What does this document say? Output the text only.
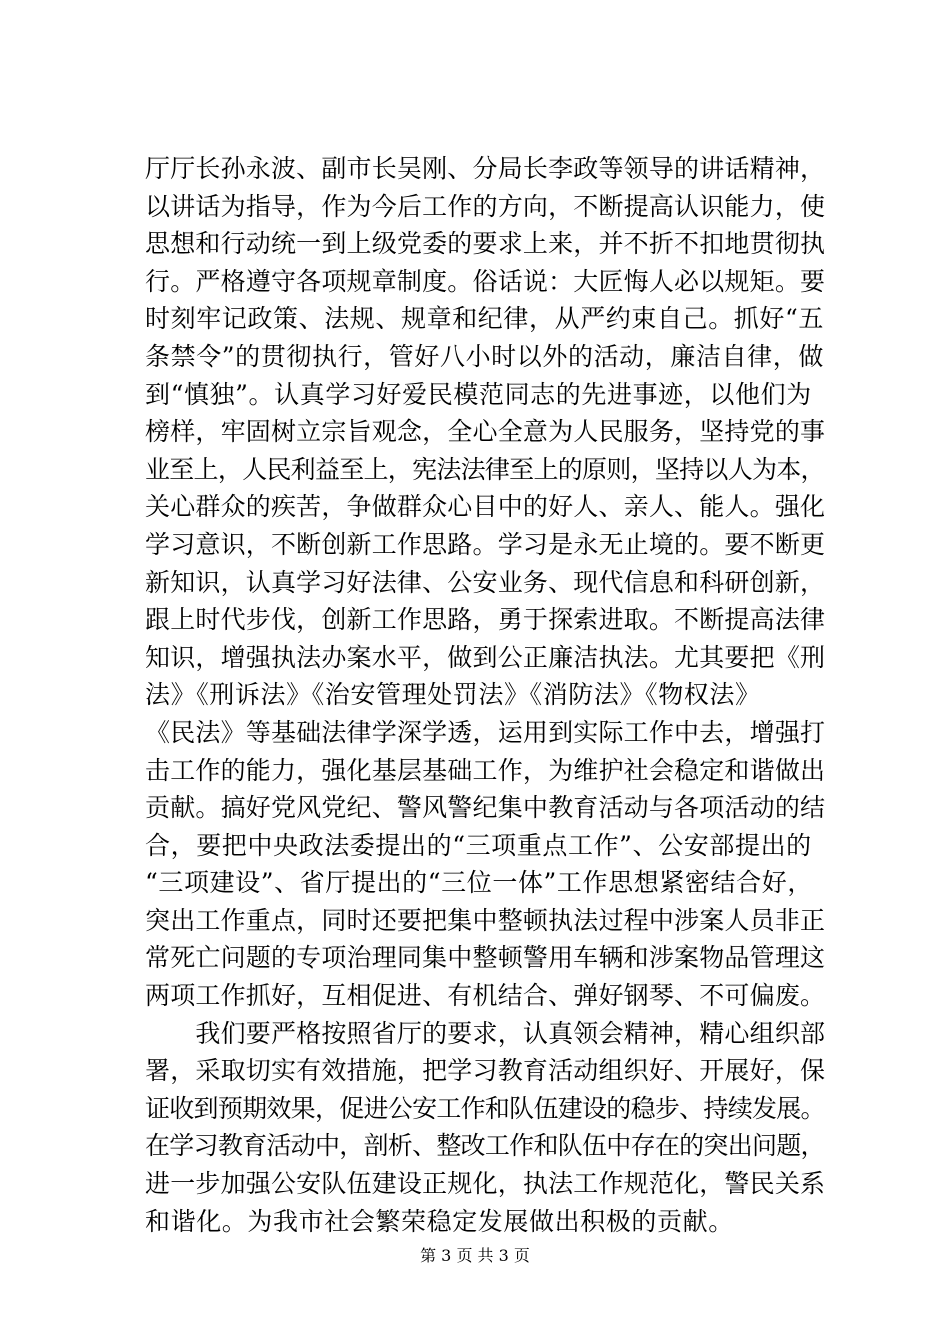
厅厅长孙永波、副市长吴刚、分局长李政等领导的讲话精神，
以讲话为指导，作为今后工作的方向，不断提高认识能力，使
思想和行动统一到上级党委的要求上来，并不折不扣地贯彻执
行。严格遵守各项规章制度。俗话说：大匠悔人必以规矩。要
时刻牢记政策、法规、规章和纪律，从严约束自己。抓好“五
条禁令”的贯彻执行，管好八小时以外的活动，廉洁自律，做
到“慎独”。认真学习好爱民模范同志的先进事迹，以他们为
榜样，牢固树立宗旨观念，全心全意为人民服务，坚持党的事
业至上，人民利益至上，宪法法律至上的原则，坚持以人为本，
关心群众的疾苦，争做群众心目中的好人、亲人、能人。强化
学习意识，不断创新工作思路。学习是永无止境的。要不断更
新知识，认真学习好法律、公安业务、现代信息和科研创新，
跟上时代步伐，创新工作思路，勇于探索进取。不断提高法律
知识，增强执法办案水平，做到公正廉洁执法。尤其要把《刑
法》《刑诉法》《治安管理处罚法》《消防法》《物权法》
《民法》等基础法律学深学透，运用到实际工作中去，增强打
击工作的能力，强化基层基础工作，为维护社会稳定和谐做出
贡献。搞好党风党纪、警风警纪集中教育活动与各项活动的结
合，要把中央政法委提出的“三项重点工作”、公安部提出的
“三项建设”、省厅提出的“三位一体”工作思想紧密结合好，
突出工作重点，同时还要把集中整顿执法过程中涉案人员非正
常死亡问题的专项治理同集中整顿警用车辆和涉案物品管理这
两项工作抓好，互相促进、有机结合、弹好钢琴、不可偏废。
　　我们要严格按照省厅的要求，认真领会精神，精心组织部
署，采取切实有效措施，把学习教育活动组织好、开展好，保
证收到预期效果，促进公安工作和队伍建设的稳步、持续发展。
在学习教育活动中，剖析、整改工作和队伍中存在的突出问题，
进一步加强公安队伍建设正规化，执法工作规范化，警民关系
和谐化。为我市社会繁荣稳定发展做出积极的贡献。
第 3 页 共 3 页
